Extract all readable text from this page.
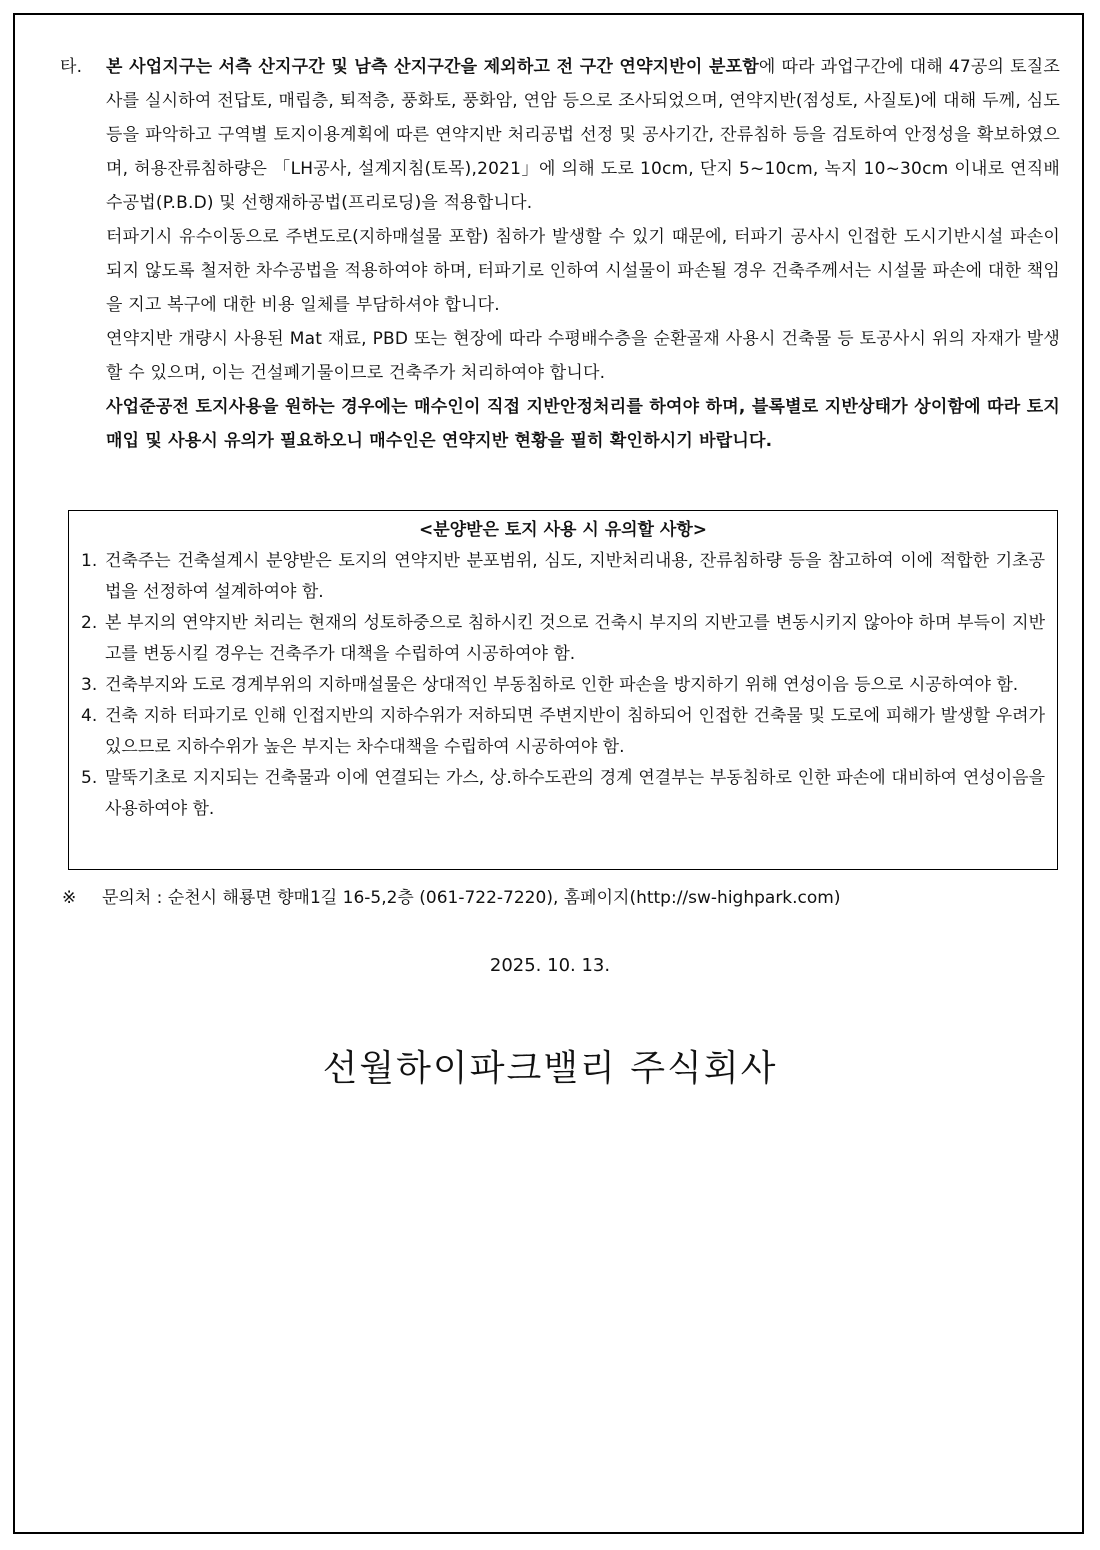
타.	본 사업지구는 서측 산지구간 및 남측 산지구간을 제외하고 전 구간 연약지반이 분포함에 따라 과업구간에 대해 47공의 토질조사를 실시하여 전답토, 매립층, 퇴적층, 풍화토, 풍화암, 연암 등으로 조사되었으며, 연약지반(점성토, 사질토)에 대해 두께, 심도 등을 파악하고 구역별 토지이용계획에 따른 연약지반 처리공법 선정 및 공사기간, 잔류침하 등을 검토하여 안정성을 확보하였으며, 허용잔류침하량은 「LH공사, 설계지침(토목),2021」에 의해 도로 10cm, 단지 5~10cm, 녹지 10~30cm 이내로 연직배수공법(P.B.D) 및 선행재하공법(프리로딩)을 적용합니다.
터파기시 유수이동으로 주변도로(지하매설물 포함) 침하가 발생할 수 있기 때문에, 터파기 공사시 인접한 도시기반시설 파손이 되지 않도록 철저한 차수공법을 적용하여야 하며, 터파기로 인하여 시설물이 파손될 경우 건축주께서는 시설물 파손에 대한 책임을 지고 복구에 대한 비용 일체를 부담하셔야 합니다.
연약지반 개량시 사용된 Mat 재료, PBD 또는 현장에 따라 수평배수층을 순환골재 사용시 건축물 등 토공사시 위의 자재가 발생 할 수 있으며, 이는 건설폐기물이므로 건축주가 처리하여야 합니다.
사업준공전 토지사용을 원하는 경우에는 매수인이 직접 지반안정처리를 하여야 하며, 블록별로 지반상태가 상이함에 따라 토지매입 및 사용시 유의가 필요하오니 매수인은 연약지반 현황을 필히 확인하시기 바랍니다.
<분양받은 토지 사용 시 유의할 사항>
1. 건축주는 건축설계시 분양받은 토지의 연약지반 분포범위, 심도, 지반처리내용, 잔류침하량 등을 참고하여 이에 적합한 기초공법을 선정하여 설계하여야 함.
2. 본 부지의 연약지반 처리는 현재의 성토하중으로 침하시킨 것으로 건축시 부지의 지반고를 변동시키지 않아야 하며 부득이 지반고를 변동시킬 경우는 건축주가 대책을 수립하여 시공하여야 함.
3. 건축부지와 도로 경계부위의 지하매설물은 상대적인 부동침하로 인한 파손을 방지하기 위해 연성이음 등으로 시공하여야 함.
4. 건축 지하 터파기로 인해 인접지반의 지하수위가 저하되면 주변지반이 침하되어 인접한 건축물 및 도로에 피해가 발생할 우려가 있으므로 지하수위가 높은 부지는 차수대책을 수립하여 시공하여야 함.
5. 말뚝기초로 지지되는 건축물과 이에 연결되는 가스, 상.하수도관의 경계 연결부는 부동침하로 인한 파손에 대비하여 연성이음을 사용하여야 함.
※ 문의처 : 순천시 해룡면 향매1길 16-5,2층 (061-722-7220), 홈페이지(http://sw-highpark.com)
2025. 10. 13.
선월하이파크밸리 주식회사
